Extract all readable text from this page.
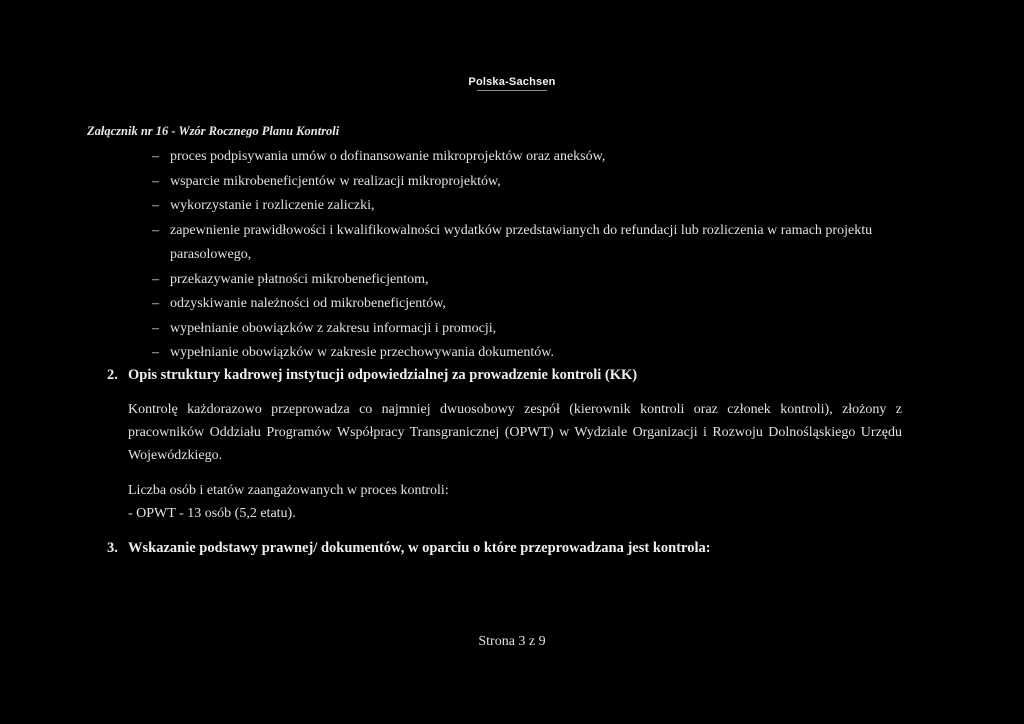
Polska-Sachsen
Załącznik nr 16 - Wzór Rocznego Planu Kontroli
– proces podpisywania umów o dofinansowanie mikroprojektów oraz aneksów,
– wsparcie mikrobeneficjentów w realizacji mikroprojektów,
– wykorzystanie i rozliczenie zaliczki,
– zapewnienie prawidłowości i kwalifikowalności wydatków przedstawianych do refundacji lub rozliczenia w ramach projektu parasolowego,
– przekazywanie płatności mikrobeneficjentom,
– odzyskiwanie należności od mikrobeneficjentów,
– wypełnianie obowiązków z zakresu informacji i promocji,
– wypełnianie obowiązków w zakresie przechowywania dokumentów.
2. Opis struktury kadrowej instytucji odpowiedzialnej za prowadzenie kontroli (KK)
Kontrolę każdorazowo przeprowadza co najmniej dwuosobowy zespół (kierownik kontroli oraz członek kontroli), złożony z pracowników Oddziału Programów Współpracy Transgranicznej (OPWT) w Wydziale Organizacji i Rozwoju Dolnośląskiego Urzędu Wojewódzkiego.
Liczba osób i etatów zaangażowanych w proces kontroli:
- OPWT - 13 osób (5,2 etatu).
3. Wskazanie podstawy prawnej/ dokumentów, w oparciu o które przeprowadzana jest kontrola:
Strona 3 z 9
